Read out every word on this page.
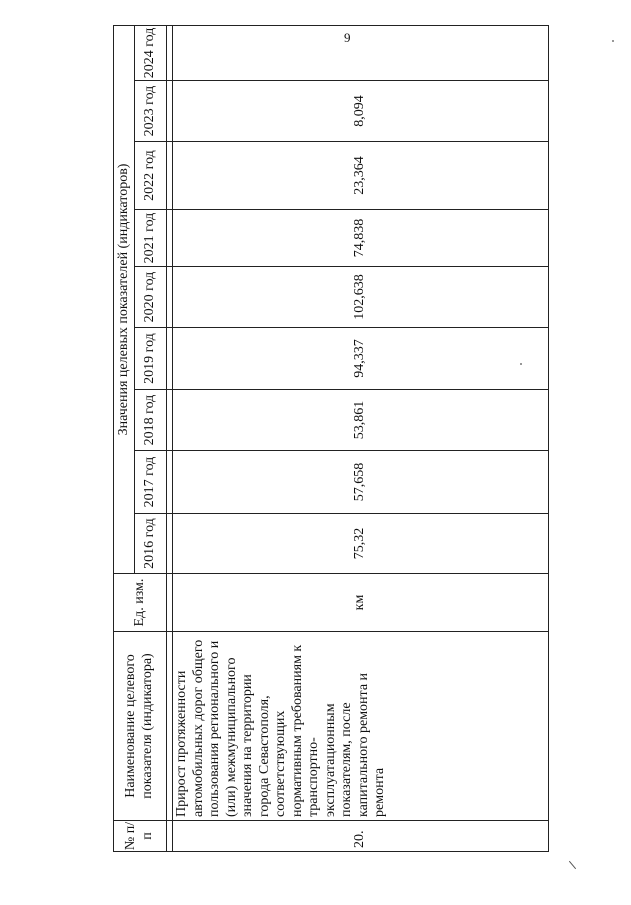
9
№ п/п	Наименование целевого показателя (индикатора)	Ед. изм.	Значения целевых показателей (индикаторов)								
			2016 год	2017 год	2018 год	2019 год	2020 год	2021 год	2022 год	2023 год	2024 год

20.	Прирост протяженности автомобильных дорог общего пользования регионального и (или) межмуниципального значения на территории города Севастополя, соответствующих нормативным требованиям к транспортно-эксплуатационным показателям, после капитального ремонта и ремонта	км	75,32	57,658	53,861	94,337	102,638	74,838	23,364	8,094	
